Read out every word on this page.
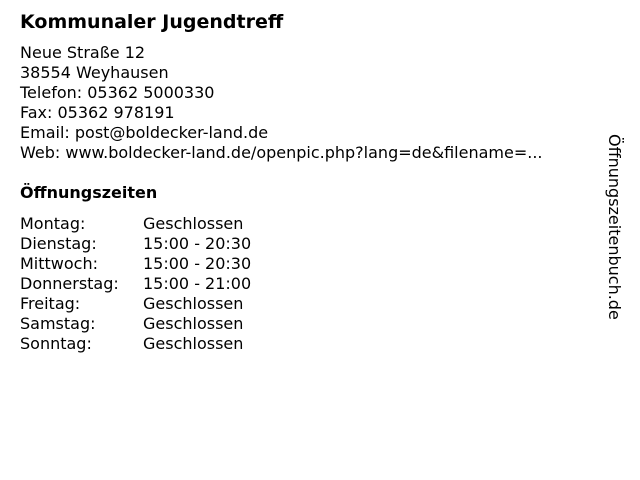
Kommunaler Jugendtreff
Neue Straße 12
38554 Weyhausen
Telefon: 05362 5000330
Fax: 05362 978191
Email: post@boldecker-land.de
Web: www.boldecker-land.de/openpic.php?lang=de&filename=...
Öffnungszeiten
Montag:	Geschlossen
Dienstag:	15:00 - 20:30
Mittwoch:	15:00 - 20:30
Donnerstag: 15:00 - 21:00
Freitag:	Geschlossen
Samstag:	Geschlossen
Sonntag:	Geschlossen
Öffnungszeitenbuch.de
